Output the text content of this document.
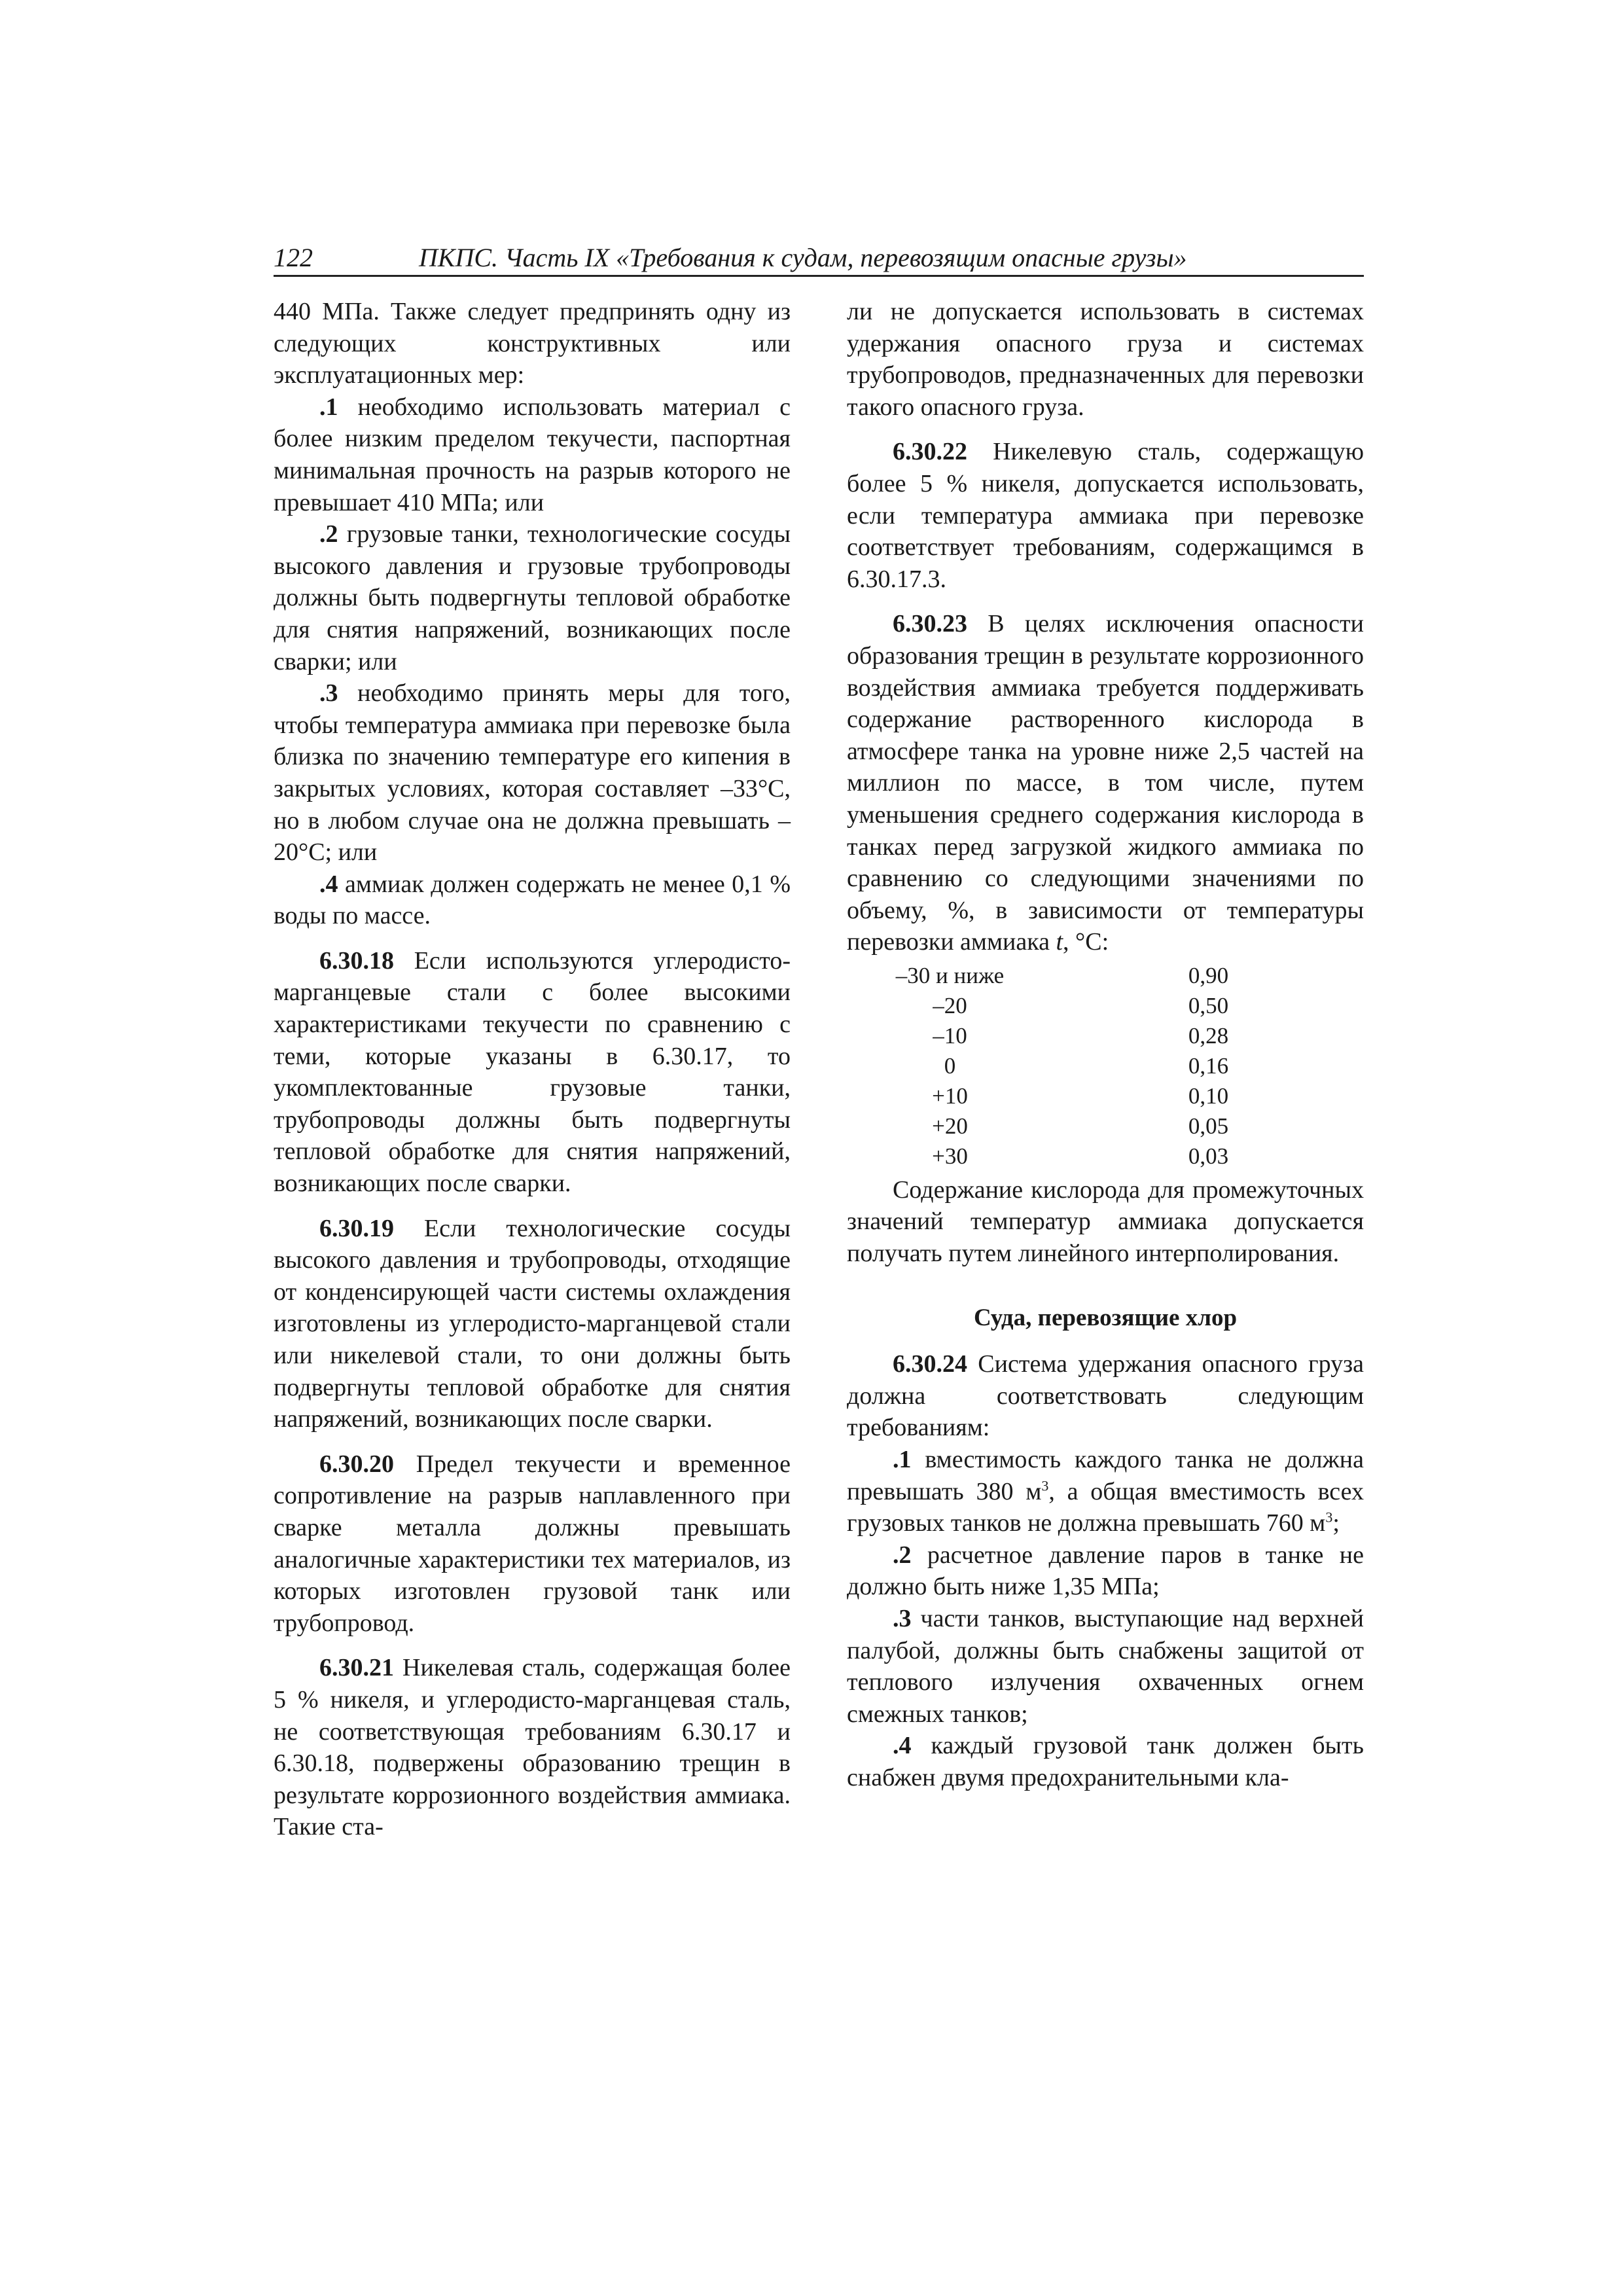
122	ПКПС. Часть IX «Требования к судам, перевозящим опасные грузы»

440 МПа. Также следует предпринять одну из следующих конструктивных или эксплуатационных мер:

.1 необходимо использовать материал с более низким пределом текучести, паспортная минимальная прочность на разрыв которого не превышает 410 МПа; или

.2 грузовые танки, технологические сосуды высокого давления и грузовые трубопроводы должны быть подвергнуты тепловой обработке для снятия напряжений, возникающих после сварки; или

.3 необходимо принять меры для того, чтобы температура аммиака при перевозке была близка по значению температуре его кипения в закрытых условиях, которая составляет –33°С, но в любом случае она не должна превышать –20°С; или

.4 аммиак должен содержать не менее 0,1 % воды по массе.

6.30.18 Если используются углеродисто-марганцевые стали с более высокими характеристиками текучести по сравнению с теми, которые указаны в 6.30.17, то укомплектованные грузовые танки, трубопроводы должны быть подвергнуты тепловой обработке для снятия напряжений, возникающих после сварки.

6.30.19 Если технологические сосуды высокого давления и трубопроводы, отходящие от конденсирующей части системы охлаждения изготовлены из углеродисто-марганцевой стали или никелевой стали, то они должны быть подвергнуты тепловой обработке для снятия напряжений, возникающих после сварки.

6.30.20 Предел текучести и временное сопротивление на разрыв наплавленного при сварке металла должны превышать аналогичные характеристики тех материалов, из которых изготовлен грузовой танк или трубопровод.

6.30.21 Никелевая сталь, содержащая более 5 % никеля, и углеродисто-марганцевая сталь, не соответствующая требованиям 6.30.17 и 6.30.18, подвержены образованию трещин в результате коррозионного воздействия аммиака. Такие ста-

ли не допускается использовать в системах удержания опасного груза и системах трубопроводов, предназначенных для перевозки такого опасного груза.

6.30.22 Никелевую сталь, содержащую более 5 % никеля, допускается использовать, если температура аммиака при перевозке соответствует требованиям, содержащимся в 6.30.17.3.

6.30.23 В целях исключения опасности образования трещин в результате коррозионного воздействия аммиака требуется поддерживать содержание растворенного кислорода в атмосфере танка на уровне ниже 2,5 частей на миллион по массе, в том числе, путем уменьшения среднего содержания кислорода в танках перед загрузкой жидкого аммиака по сравнению со следующими значениями по объему, %, в зависимости от температуры перевозки аммиака t, °С:

–30 и ниже	0,90
–20	0,50
–10	0,28
0	0,16
+10	0,10
+20	0,05
+30	0,03

Содержание кислорода для промежуточных значений температур аммиака допускается получать путем линейного интерполирования.

Суда, перевозящие хлор

6.30.24 Система удержания опасного груза должна соответствовать следующим требованиям:

.1 вместимость каждого танка не должна превышать 380 $м^3$, а общая вместимость всех грузовых танков не должна превышать 760 $м^3$;

.2 расчетное давление паров в танке не должно быть ниже 1,35 МПа;

.3 части танков, выступающие над верхней палубой, должны быть снабжены защитой от теплового излучения охваченных огнем смежных танков;

.4 каждый грузовой танк должен быть снабжен двумя предохранительными кла-
